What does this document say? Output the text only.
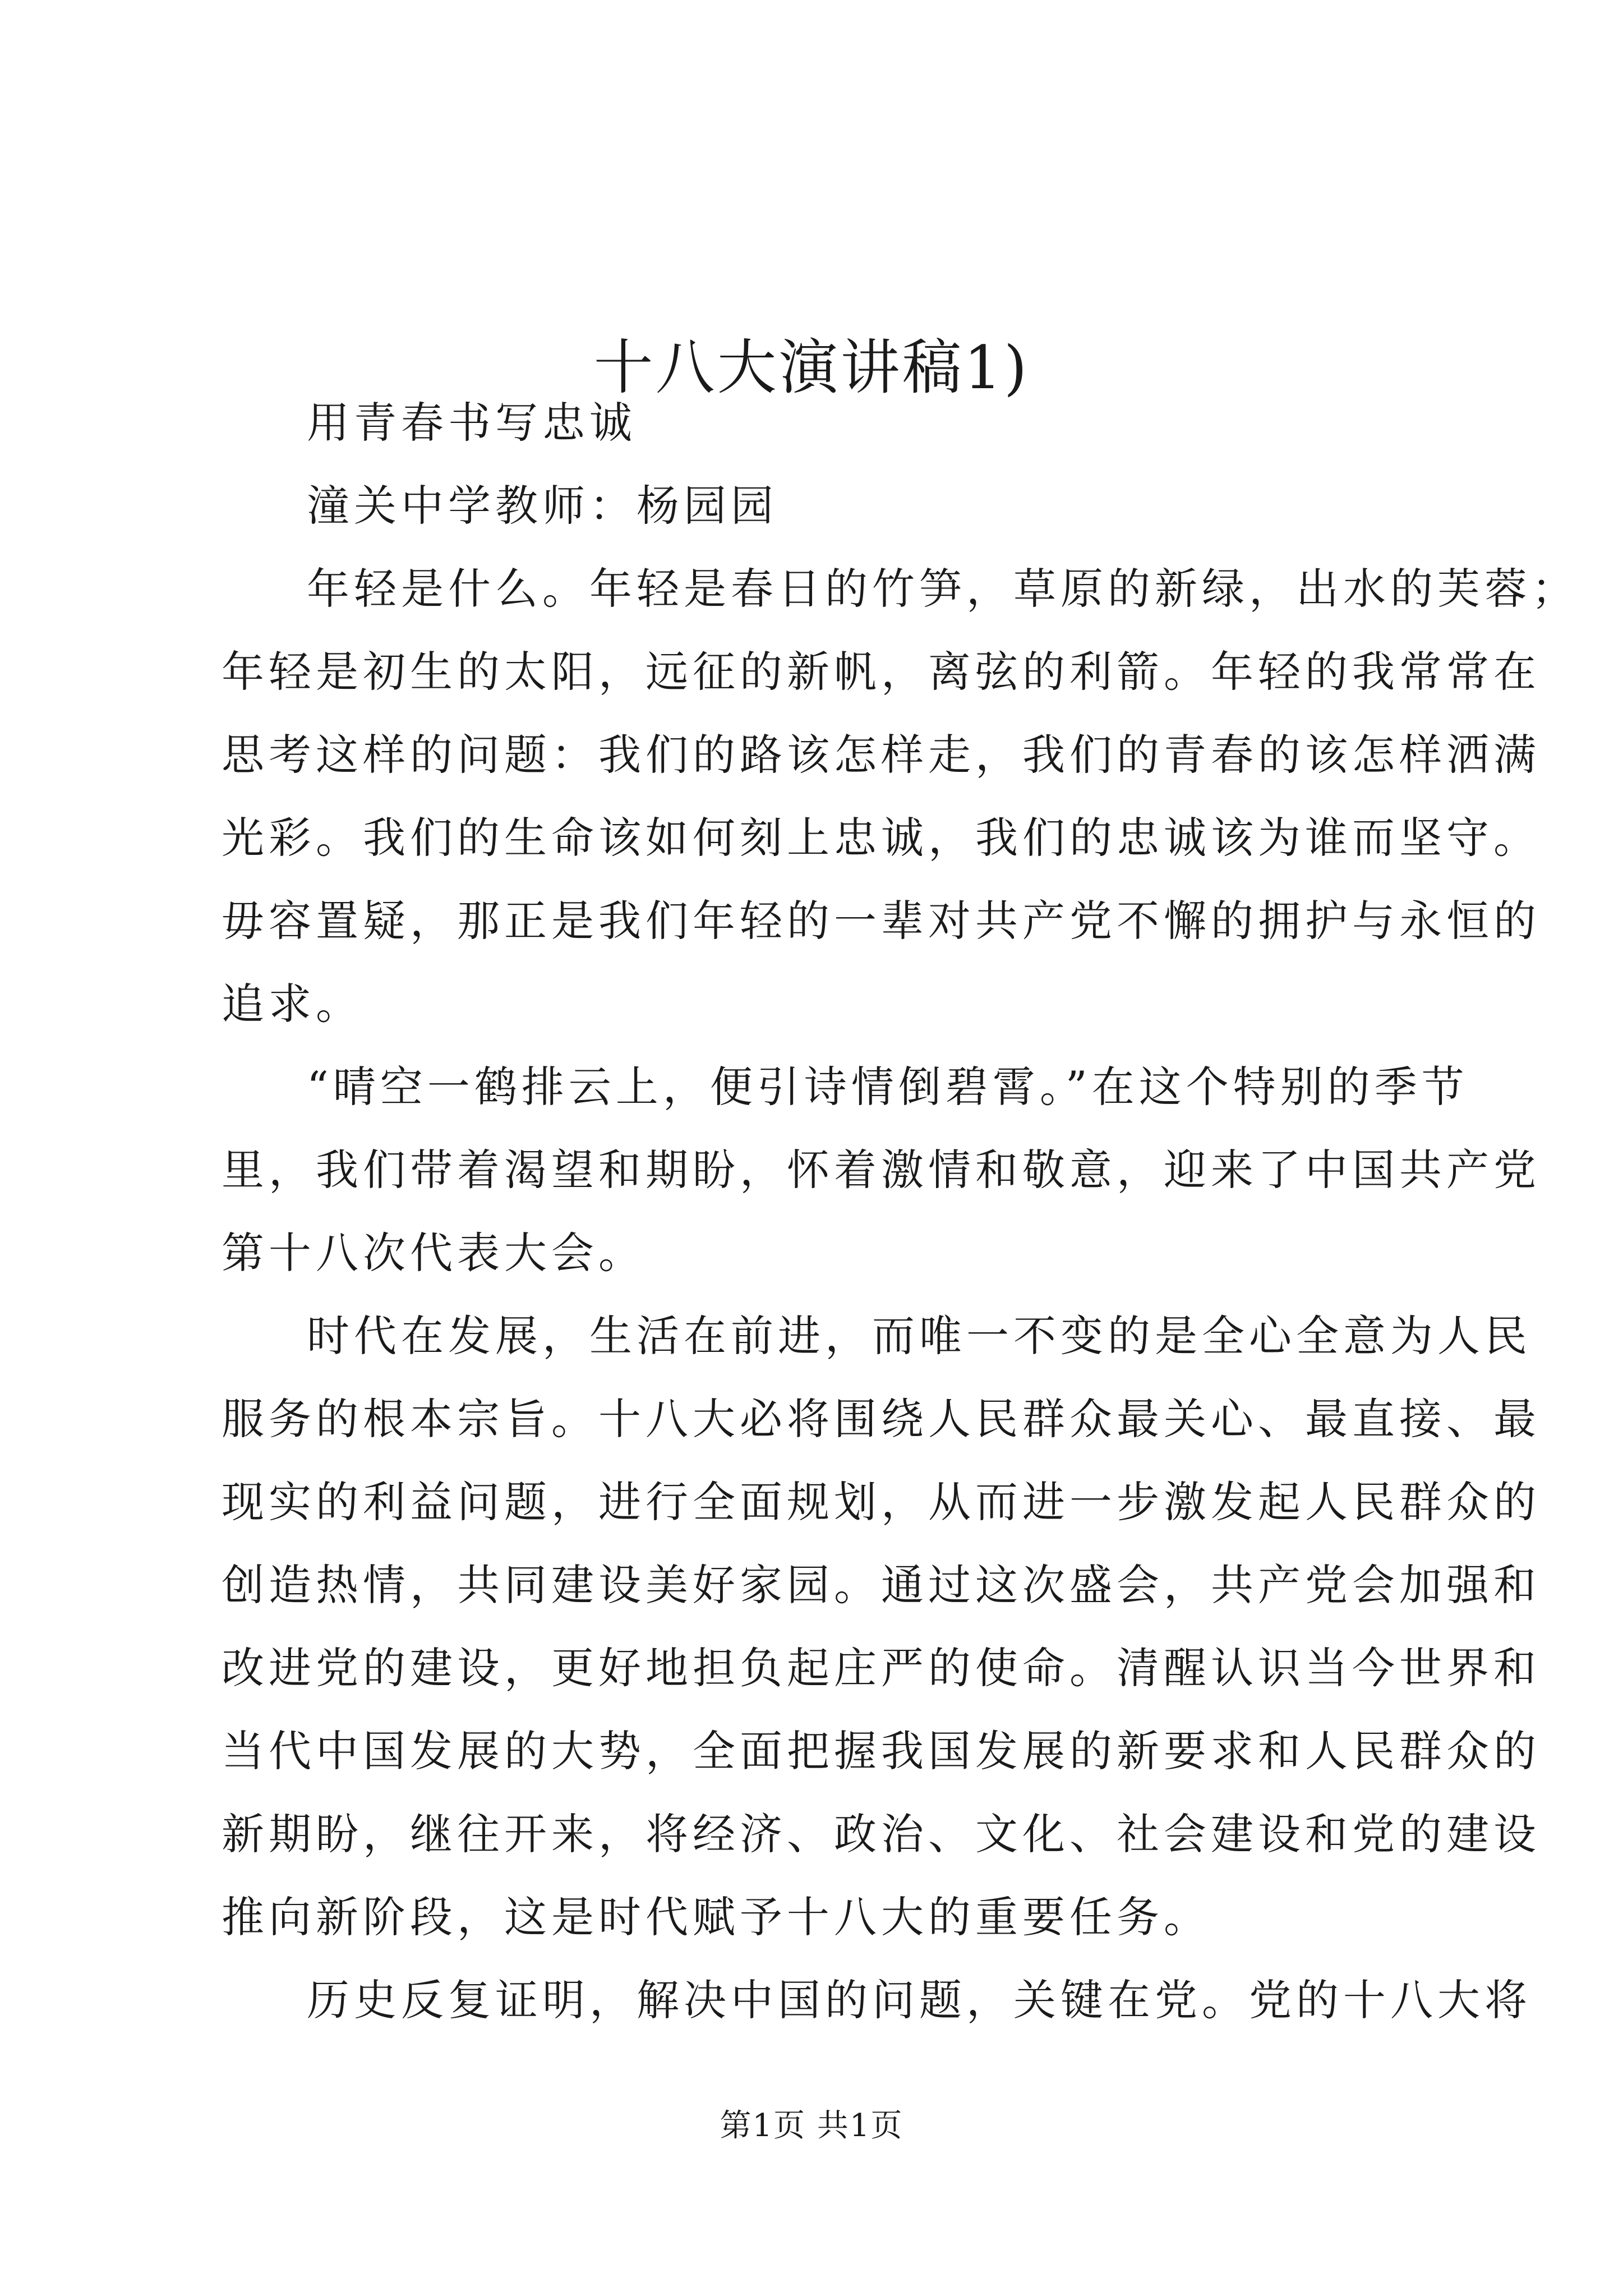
十八大演讲稿1)
用青春书写忠诚
潼关中学教师：杨园园
年轻是什么。年轻是春日的竹笋，草原的新绿，出水的芙蓉；
年轻是初生的太阳，远征的新帆，离弦的利箭。年轻的我常常在
思考这样的问题：我们的路该怎样走，我们的青春的该怎样洒满
光彩。我们的生命该如何刻上忠诚，我们的忠诚该为谁而坚守。
毋容置疑，那正是我们年轻的一辈对共产党不懈的拥护与永恒的
追求。
“晴空一鹤排云上，便引诗情倒碧霄。”在这个特别的季节
里，我们带着渴望和期盼，怀着激情和敬意，迎来了中国共产党
第十八次代表大会。
时代在发展，生活在前进，而唯一不变的是全心全意为人民
服务的根本宗旨。十八大必将围绕人民群众最关心、最直接、最
现实的利益问题，进行全面规划，从而进一步激发起人民群众的
创造热情，共同建设美好家园。通过这次盛会，共产党会加强和
改进党的建设，更好地担负起庄严的使命。清醒认识当今世界和
当代中国发展的大势，全面把握我国发展的新要求和人民群众的
新期盼，继往开来，将经济、政治、文化、社会建设和党的建设
推向新阶段，这是时代赋予十八大的重要任务。
历史反复证明，解决中国的问题，关键在党。党的十八大将
第1页 共1页
